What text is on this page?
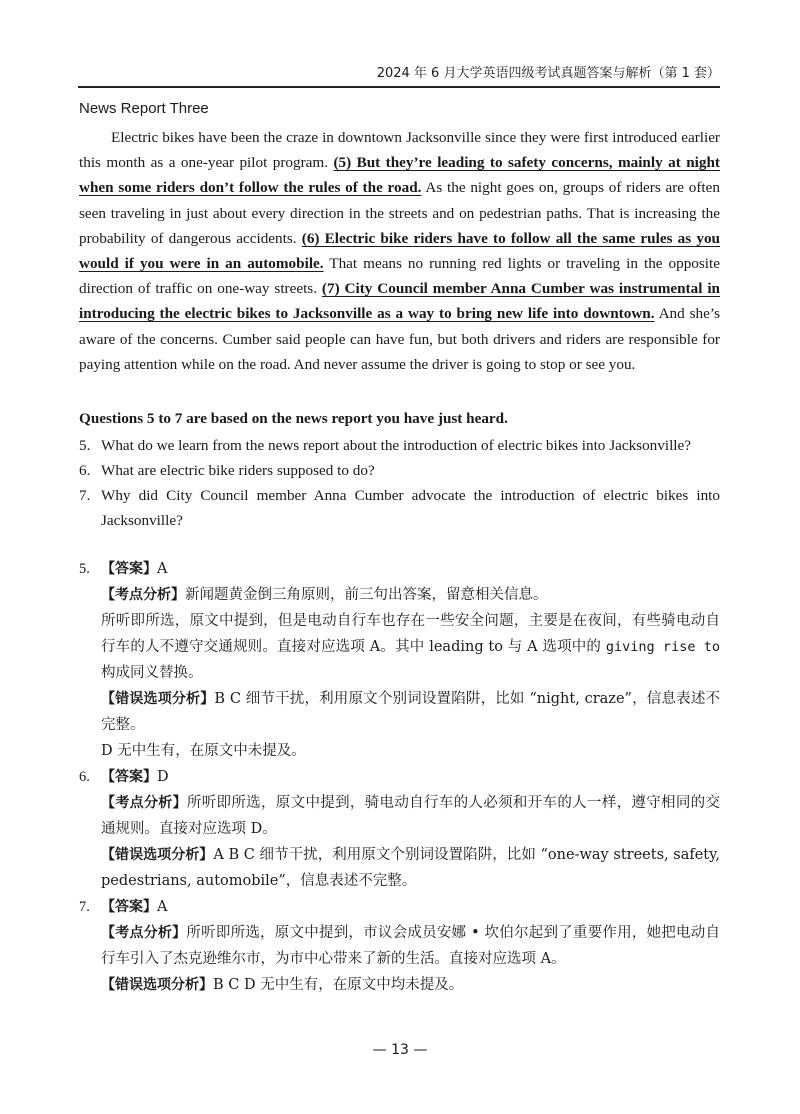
2024 年 6 月大学英语四级考试真题答案与解析（第 1 套）
News Report Three

Electric bikes have been the craze in downtown Jacksonville since they were first introduced earlier this month as a one-year pilot program. (5) But they’re leading to safety concerns, mainly at night when some riders don’t follow the rules of the road. As the night goes on, groups of riders are often seen traveling in just about every direction in the streets and on pedestrian paths. That is increasing the probability of dangerous accidents. (6) Electric bike riders have to follow all the same rules as you would if you were in an automobile. That means no running red lights or traveling in the opposite direction of traffic on one-way streets. (7) City Council member Anna Cumber was instrumental in introducing the electric bikes to Jacksonville as a way to bring new life into downtown. And she’s aware of the concerns. Cumber said people can have fun, but both drivers and riders are responsible for paying attention while on the road. And never assume the driver is going to stop or see you.

Questions 5 to 7 are based on the news report you have just heard.
5. What do we learn from the news report about the introduction of electric bikes into Jacksonville?
6. What are electric bike riders supposed to do?
7. Why did City Council member Anna Cumber advocate the introduction of electric bikes into Jacksonville?
5. 【答案】A
【考点分析】新闻题黄金倒三角原则，前三句出答案，留意相关信息。
所听即所选，原文中提到，但是电动自行车也存在一些安全问题，主要是在夜间，有些骑电动自行车的人不遵守交通规则。直接对应选项 A。其中 leading to 与 A 选项中的 giving rise to 构成同义替换。
【错误选项分析】B C 细节干扰，利用原文个别词设置陷阱，比如 “night, craze”，信息表述不完整。
D 无中生有，在原文中未提及。
6. 【答案】D
【考点分析】所听即所选，原文中提到，骑电动自行车的人必须和开车的人一样，遵守相同的交通规则。直接对应选项 D。
【错误选项分析】A B C 细节干扰，利用原文个别词设置陷阱，比如 “one-way streets, safety, pedestrians, automobile”，信息表述不完整。
7. 【答案】A
【考点分析】所听即所选，原文中提到，市议会成员安娜 • 坎伯尔起到了重要作用，她把电动自行车引入了杰克逊维尔市，为市中心带来了新的生活。直接对应选项 A。
【错误选项分析】B C D 无中生有，在原文中均未提及。
— 13 —
